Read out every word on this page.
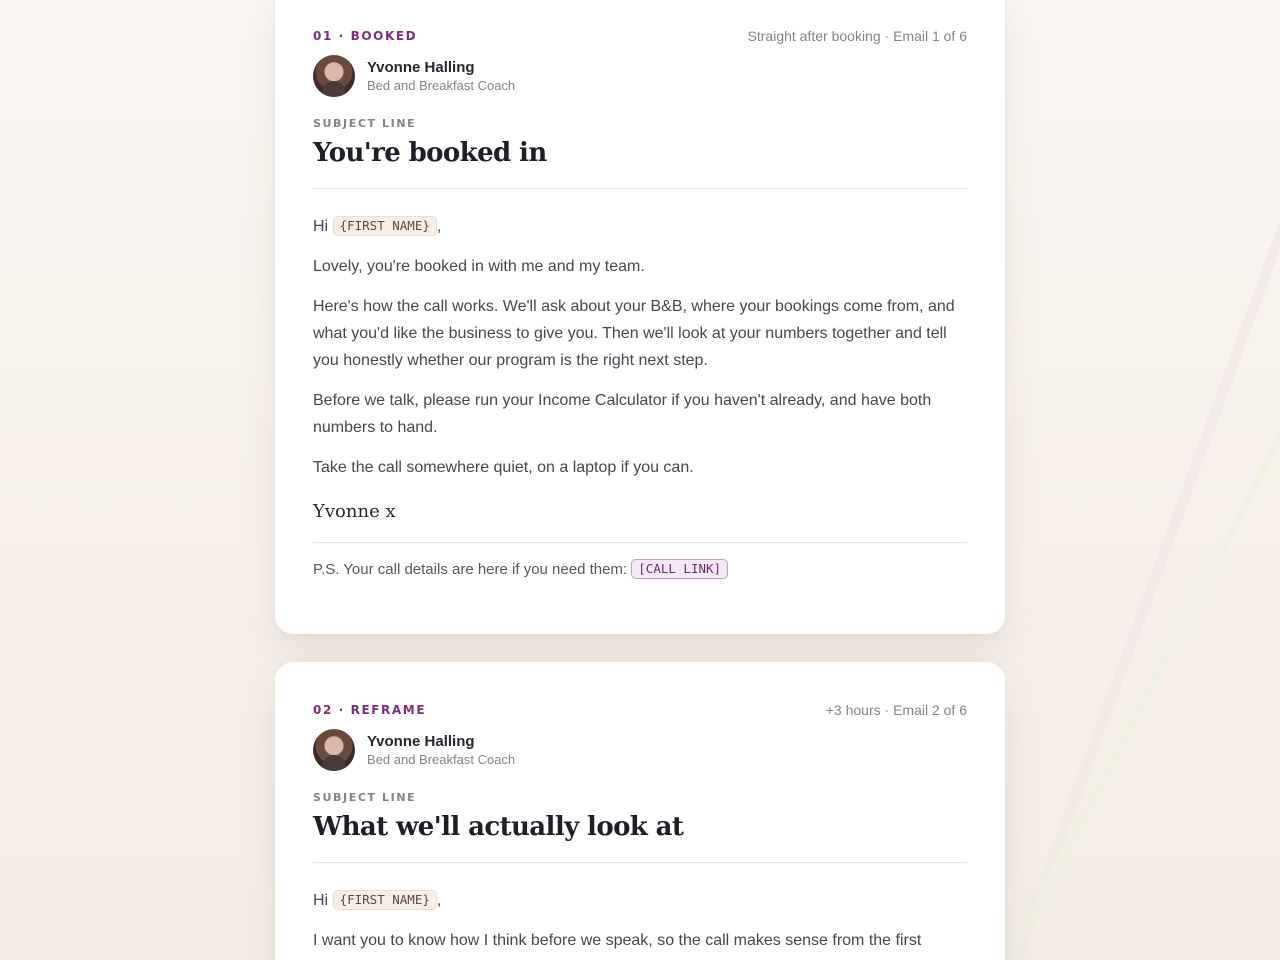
01 · BOOKED	Straight after booking · Email 1 of 6
Yvonne Halling
Bed and Breakfast Coach
SUBJECT LINE
You're booked in

Hi {FIRST NAME} ,

Lovely, you're booked in with me and my team.

Here's how the call works. We'll ask about your B&B, where your bookings come from, and what you'd like the business to give you. Then we'll look at your numbers together and tell you honestly whether our program is the right next step.

Before we talk, please run your Income Calculator if you haven't already, and have both numbers to hand.

Take the call somewhere quiet, on a laptop if you can.

Yvonne x
P.S. Your call details are here if you need them: [CALL LINK]
02 · REFRAME	+3 hours · Email 2 of 6
Yvonne Halling
Bed and Breakfast Coach
SUBJECT LINE
What we'll actually look at

Hi {FIRST NAME} ,

I want you to know how I think before we speak, so the call makes sense from the first
